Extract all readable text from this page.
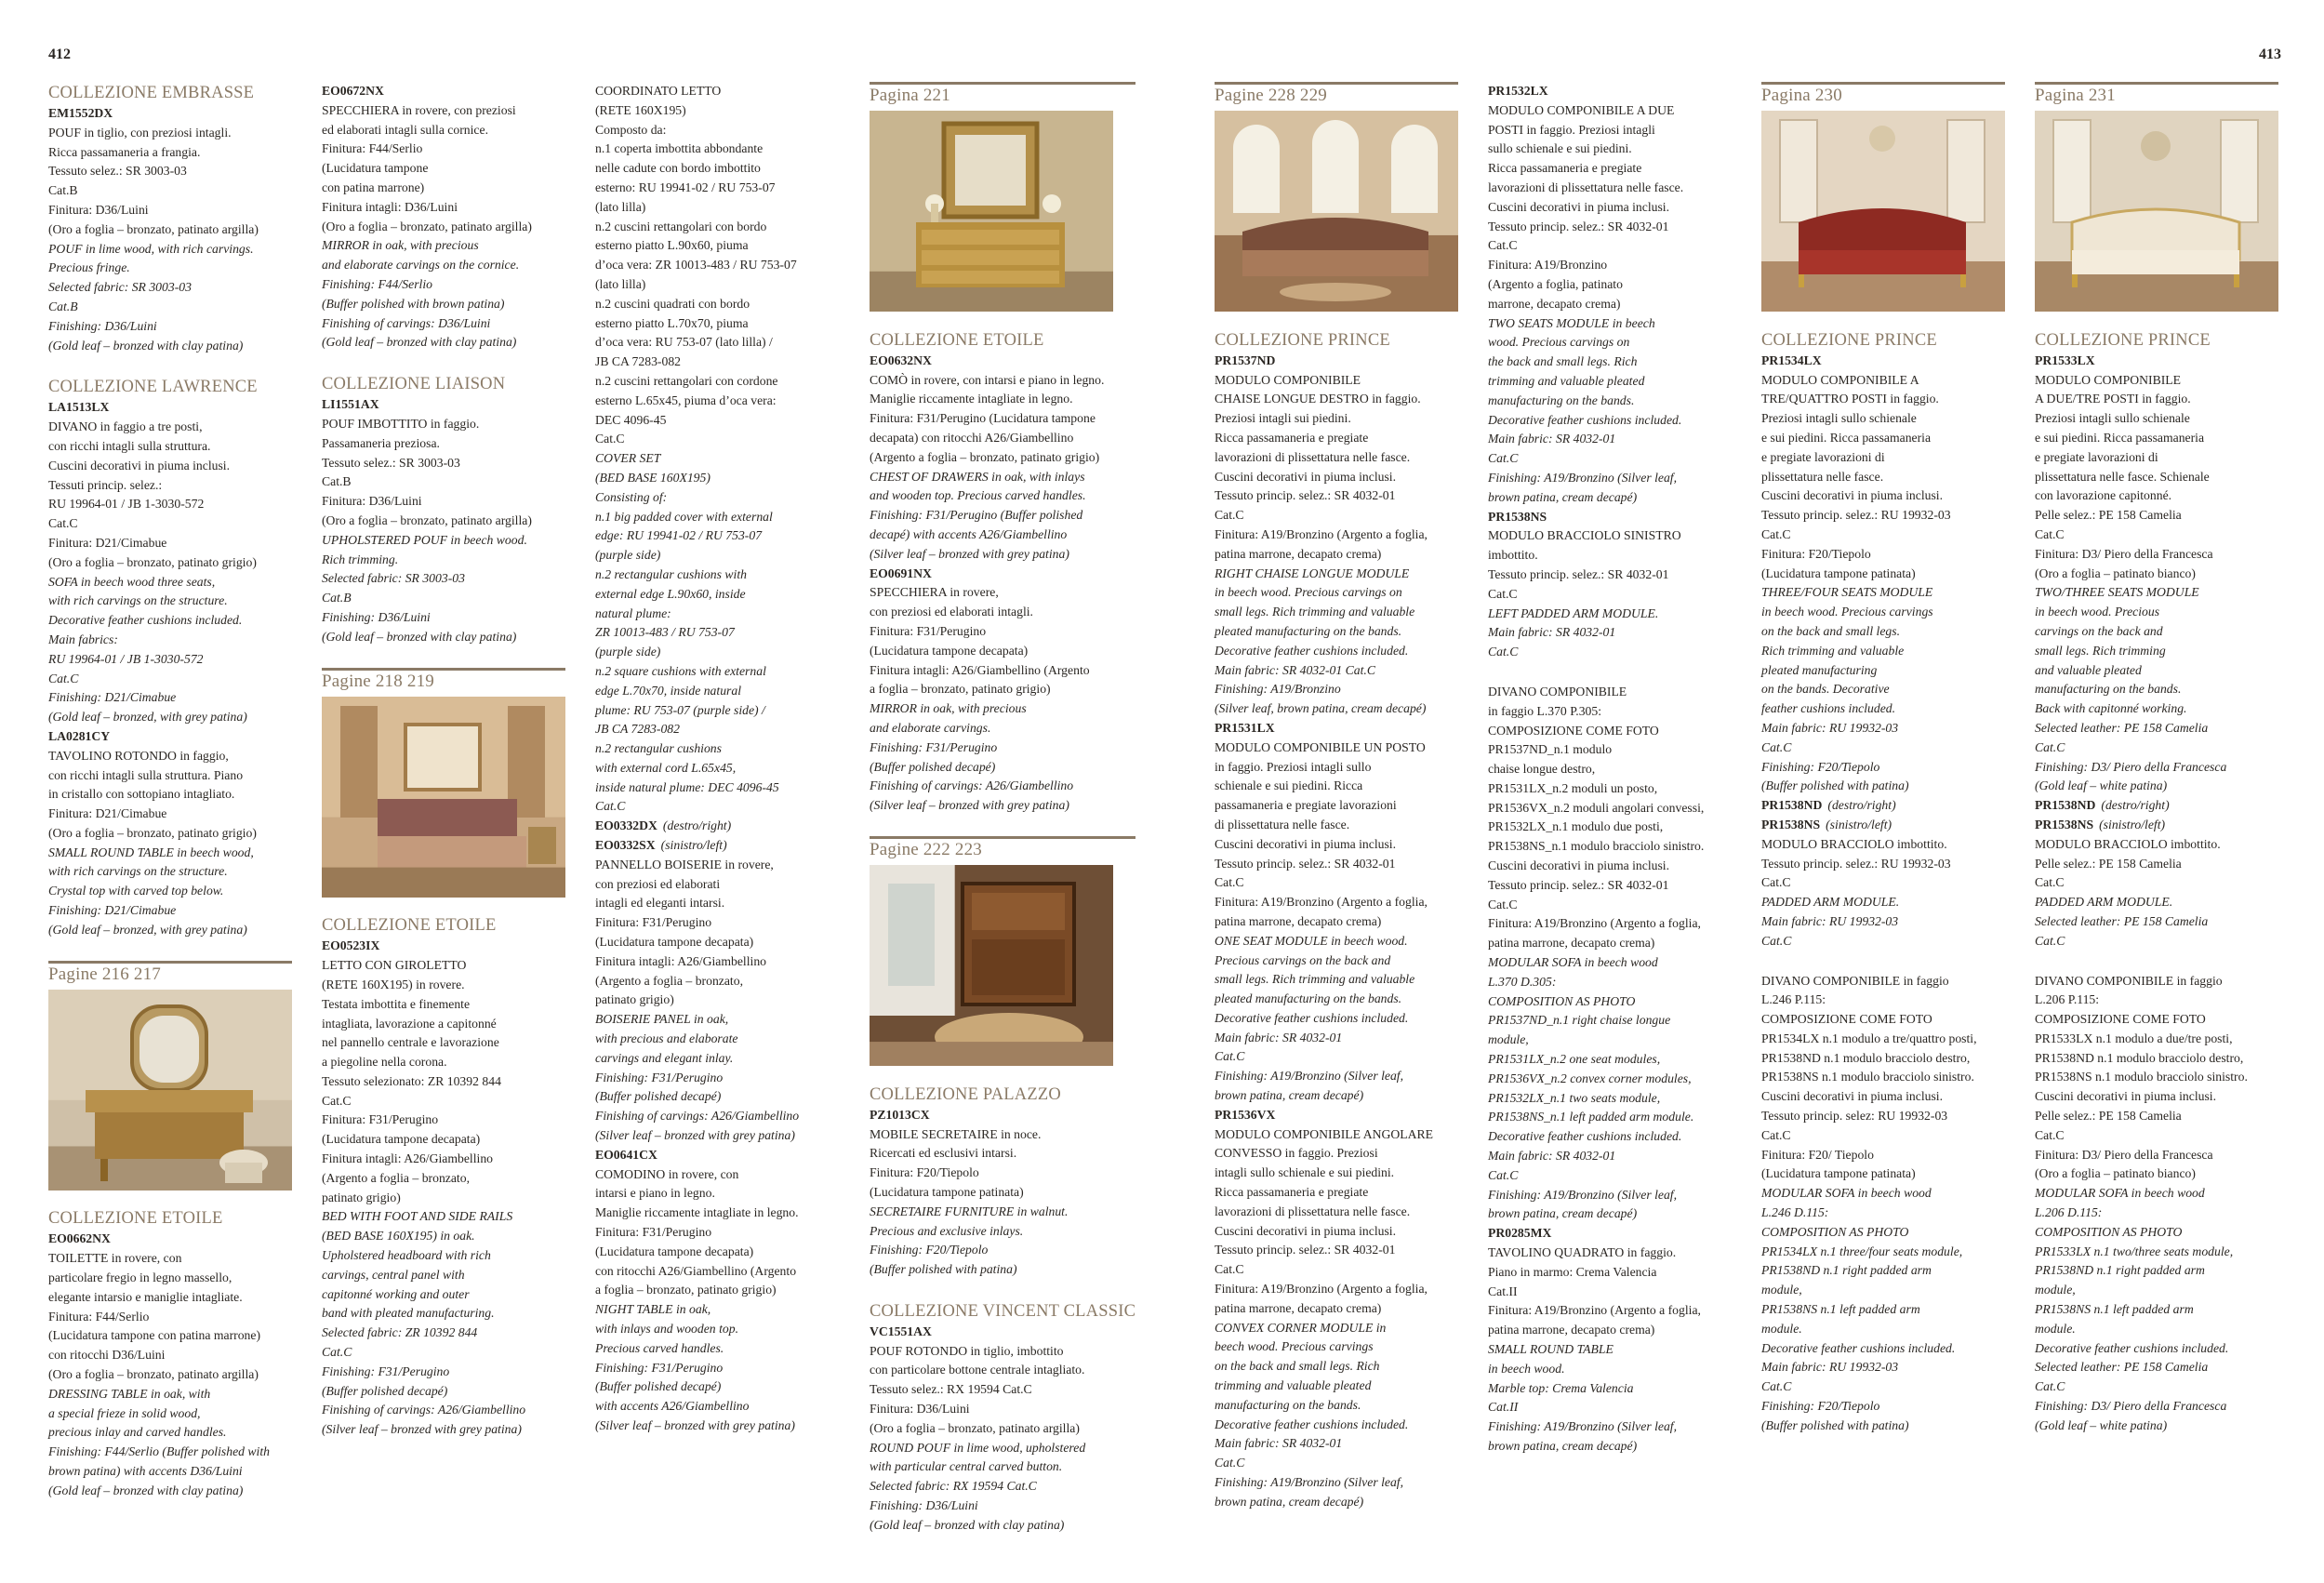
412	413

COLLEZIONE EMBRASSE

EM1552DX

POUF in tiglio, con preziosi intagli.

Ricca passamaneria a frangia.

Tessuto selez.: SR 3003-03

Cat.B

Finitura: D36/Luini

(Oro a foglia – bronzato, patinato argilla)

POUF in lime wood, with rich carvings.

Precious fringe.

Selected fabric: SR 3003-03

Cat.B

Finishing: D36/Luini

(Gold leaf – bronzed with clay patina)

COLLEZIONE LAWRENCE

LA1513LX

DIVANO in faggio a tre posti,

con ricchi intagli sulla struttura.

Cuscini decorativi in piuma inclusi.

Tessuti princip. selez.:

RU 19964-01 / JB 1-3030-572

Cat.C

Finitura: D21/Cimabue

(Oro a foglia – bronzato, patinato grigio)

SOFA in beech wood three seats,

with rich carvings on the structure.

Decorative feather cushions included.

Main fabrics:

RU 19964-01 / JB 1-3030-572

Cat.C

Finishing: D21/Cimabue

(Gold leaf – bronzed, with grey patina)

LA0281CY

TAVOLINO ROTONDO in faggio,

con ricchi intagli sulla struttura. Piano

in cristallo con sottopiano intagliato.

Finitura: D21/Cimabue

(Oro a foglia – bronzato, patinato grigio)

SMALL ROUND TABLE in beech wood,

with rich carvings on the structure.

Crystal top with carved top below.

Finishing: D21/Cimabue

(Gold leaf – bronzed, with grey patina)

Pagine 216 217

COLLEZIONE ETOILE

EO0662NX

TOILETTE in rovere, con

particolare fregio in legno massello,

elegante intarsio e maniglie intagliate.

Finitura: F44/Serlio

(Lucidatura tampone con patina marrone)

con ritocchi D36/Luini

(Oro a foglia – bronzato, patinato argilla)

DRESSING TABLE in oak, with

a special frieze in solid wood,

precious inlay and carved handles.

Finishing: F44/Serlio (Buffer polished with

brown patina) with accents D36/Luini

(Gold leaf – bronzed with clay patina)

EO0672NX

SPECCHIERA in rovere, con preziosi

ed elaborati intagli sulla cornice.

Finitura: F44/Serlio

(Lucidatura tampone

con patina marrone)

Finitura intagli: D36/Luini

(Oro a foglia – bronzato, patinato argilla)

MIRROR in oak, with precious

and elaborate carvings on the cornice.

Finishing: F44/Serlio

(Buffer polished with brown patina)

Finishing of carvings: D36/Luini

(Gold leaf – bronzed with clay patina)

COLLEZIONE LIAISON

LI1551AX

POUF IMBOTTITO in faggio.

Passamaneria preziosa.

Tessuto selez.: SR 3003-03

Cat.B

Finitura: D36/Luini

(Oro a foglia – bronzato, patinato argilla)

UPHOLSTERED POUF in beech wood.

Rich trimming.

Selected fabric: SR 3003-03

Cat.B

Finishing: D36/Luini

(Gold leaf – bronzed with clay patina)

Pagine 218 219

COLLEZIONE ETOILE

EO0523IX

LETTO CON GIROLETTO

(RETE 160X195) in rovere.

Testata imbottita e finemente

intagliata, lavorazione a capitonné

nel pannello centrale e lavorazione

a piegoline nella corona.

Tessuto selezionato: ZR 10392 844

Cat.C

Finitura: F31/Perugino

(Lucidatura tampone decapata)

Finitura intagli: A26/Giambellino

(Argento a foglia – bronzato,

patinato grigio)

BED WITH FOOT AND SIDE RAILS

(BED BASE 160X195) in oak.

Upholstered headboard with rich

carvings, central panel with

capitonné working and outer

band with pleated manufacturing.

Selected fabric: ZR 10392 844

Cat.C

Finishing: F31/Perugino

(Buffer polished decapé)

Finishing of carvings: A26/Giambellino

(Silver leaf – bronzed with grey patina)

COORDINATO LETTO

(RETE 160X195)

Composto da:

n.1 coperta imbottita abbondante

nelle cadute con bordo imbottito

esterno: RU 19941-02 / RU 753-07

(lato lilla)

n.2 cuscini rettangolari con bordo

esterno piatto L.90x60, piuma

d’oca vera: ZR 10013-483 / RU 753-07

(lato lilla)

n.2 cuscini quadrati con bordo

esterno piatto L.70x70, piuma

d’oca vera: RU 753-07 (lato lilla) /

JB CA 7283-082

n.2 cuscini rettangolari con cordone

esterno L.65x45, piuma d’oca vera:

DEC 4096-45

Cat.C

COVER SET

(BED BASE 160X195)

Consisting of:

n.1 big padded cover with external

edge: RU 19941-02 / RU 753-07

(purple side)

n.2 rectangular cushions with

external edge L.90x60, inside

natural plume:

ZR 10013-483 / RU 753-07

(purple side)

n.2 square cushions with external

edge L.70x70, inside natural

plume: RU 753-07 (purple side) /

JB CA 7283-082

n.2 rectangular cushions

with external cord L.65x45,

inside natural plume: DEC 4096-45

Cat.C

EO0332DX (destro/right)

EO0332SX (sinistro/left)

PANNELLO BOISERIE in rovere,

con preziosi ed elaborati

intagli ed eleganti intarsi.

Finitura: F31/Perugino

(Lucidatura tampone decapata)

Finitura intagli: A26/Giambellino

(Argento a foglia – bronzato,

patinato grigio)

BOISERIE PANEL in oak,

with precious and elaborate

carvings and elegant inlay.

Finishing: F31/Perugino

(Buffer polished decapé)

Finishing of carvings: A26/Giambellino

(Silver leaf – bronzed with grey patina)

EO0641CX

COMODINO in rovere, con

intarsi e piano in legno.

Maniglie riccamente intagliate in legno.

Finitura: F31/Perugino

(Lucidatura tampone decapata)

con ritocchi A26/Giambellino (Argento

a foglia – bronzato, patinato grigio)

NIGHT TABLE in oak,

with inlays and wooden top.

Precious carved handles.

Finishing: F31/Perugino

(Buffer polished decapé)

with accents A26/Giambellino

(Silver leaf – bronzed with grey patina)

Pagina 221

COLLEZIONE ETOILE

EO0632NX

COMÒ in rovere, con intarsi e piano in legno.

Maniglie riccamente intagliate in legno.

Finitura: F31/Perugino (Lucidatura tampone

decapata) con ritocchi A26/Giambellino

(Argento a foglia – bronzato, patinato grigio)

CHEST OF DRAWERS in oak, with inlays

and wooden top. Precious carved handles.

Finishing: F31/Perugino (Buffer polished

decapé) with accents A26/Giambellino

(Silver leaf – bronzed with grey patina)

EO0691NX

SPECCHIERA in rovere,

con preziosi ed elaborati intagli.

Finitura: F31/Perugino

(Lucidatura tampone decapata)

Finitura intagli: A26/Giambellino (Argento

a foglia – bronzato, patinato grigio)

MIRROR in oak, with precious

and elaborate carvings.

Finishing: F31/Perugino

(Buffer polished decapé)

Finishing of carvings: A26/Giambellino

(Silver leaf – bronzed with grey patina)

Pagine 222 223

COLLEZIONE PALAZZO

PZ1013CX

MOBILE SECRETAIRE in noce.

Ricercati ed esclusivi intarsi.

Finitura: F20/Tiepolo

(Lucidatura tampone patinata)

SECRETAIRE FURNITURE in walnut.

Precious and exclusive inlays.

Finishing: F20/Tiepolo

(Buffer polished with patina)

COLLEZIONE VINCENT CLASSIC

VC1551AX

POUF ROTONDO in tiglio, imbottito

con particolare bottone centrale intagliato.

Tessuto selez.: RX 19594 Cat.C

Finitura: D36/Luini

(Oro a foglia – bronzato, patinato argilla)

ROUND POUF in lime wood, upholstered

with particular central carved button.

Selected fabric: RX 19594 Cat.C

Finishing: D36/Luini

(Gold leaf – bronzed with clay patina)

Pagine 228 229

COLLEZIONE PRINCE

PR1537ND

MODULO COMPONIBILE

CHAISE LONGUE DESTRO in faggio.

Preziosi intagli sui piedini.

Ricca passamaneria e pregiate

lavorazioni di plissettatura nelle fasce.

Cuscini decorativi in piuma inclusi.

Tessuto princip. selez.: SR 4032-01

Cat.C

Finitura: A19/Bronzino (Argento a foglia,

patina marrone, decapato crema)

RIGHT CHAISE LONGUE MODULE

in beech wood. Precious carvings on

small legs. Rich trimming and valuable

pleated manufacturing on the bands.

Decorative feather cushions included.

Main fabric: SR 4032-01 Cat.C

Finishing: A19/Bronzino

(Silver leaf, brown patina, cream decapé)

PR1531LX

MODULO COMPONIBILE UN POSTO

in faggio. Preziosi intagli sullo

schienale e sui piedini. Ricca

passamaneria e pregiate lavorazioni

di plissettatura nelle fasce.

Cuscini decorativi in piuma inclusi.

Tessuto princip. selez.: SR 4032-01

Cat.C

Finitura: A19/Bronzino (Argento a foglia,

patina marrone, decapato crema)

ONE SEAT MODULE in beech wood.

Precious carvings on the back and

small legs. Rich trimming and valuable

pleated manufacturing on the bands.

Decorative feather cushions included.

Main fabric: SR 4032-01

Cat.C

Finishing: A19/Bronzino (Silver leaf,

brown patina, cream decapé)

PR1536VX

MODULO COMPONIBILE ANGOLARE

CONVESSO in faggio. Preziosi

intagli sullo schienale e sui piedini.

Ricca passamaneria e pregiate

lavorazioni di plissettatura nelle fasce.

Cuscini decorativi in piuma inclusi.

Tessuto princip. selez.: SR 4032-01

Cat.C

Finitura: A19/Bronzino (Argento a foglia,

patina marrone, decapato crema)

CONVEX CORNER MODULE in

beech wood. Precious carvings

on the back and small legs. Rich

trimming and valuable pleated

manufacturing on the bands.

Decorative feather cushions included.

Main fabric: SR 4032-01

Cat.C

Finishing: A19/Bronzino (Silver leaf,

brown patina, cream decapé)

PR1532LX

MODULO COMPONIBILE A DUE

POSTI in faggio. Preziosi intagli

sullo schienale e sui piedini.

Ricca passamaneria e pregiate

lavorazioni di plissettatura nelle fasce.

Cuscini decorativi in piuma inclusi.

Tessuto princip. selez.: SR 4032-01

Cat.C

Finitura: A19/Bronzino

(Argento a foglia, patinato

marrone, decapato crema)

TWO SEATS MODULE in beech

wood. Precious carvings on

the back and small legs. Rich

trimming and valuable pleated

manufacturing on the bands.

Decorative feather cushions included.

Main fabric: SR 4032-01

Cat.C

Finishing: A19/Bronzino (Silver leaf,

brown patina, cream decapé)

PR1538NS

MODULO BRACCIOLO SINISTRO

imbottito.

Tessuto princip. selez.: SR 4032-01

Cat.C

LEFT PADDED ARM MODULE.

Main fabric: SR 4032-01

Cat.C

DIVANO COMPONIBILE

in faggio L.370 P.305:

COMPOSIZIONE COME FOTO

PR1537ND_n.1 modulo

chaise longue destro,

PR1531LX_n.2 moduli un posto,

PR1536VX_n.2 moduli angolari convessi,

PR1532LX_n.1 modulo due posti,

PR1538NS_n.1 modulo bracciolo sinistro.

Cuscini decorativi in piuma inclusi.

Tessuto princip. selez.: SR 4032-01

Cat.C

Finitura: A19/Bronzino (Argento a foglia,

patina marrone, decapato crema)

MODULAR SOFA in beech wood

L.370 D.305:

COMPOSITION AS PHOTO

PR1537ND_n.1 right chaise longue

module,

PR1531LX_n.2 one seat modules,

PR1536VX_n.2 convex corner modules,

PR1532LX_n.1 two seats module,

PR1538NS_n.1 left padded arm module.

Decorative feather cushions included.

Main fabric: SR 4032-01

Cat.C

Finishing: A19/Bronzino (Silver leaf,

brown patina, cream decapé)

PR0285MX

TAVOLINO QUADRATO in faggio.

Piano in marmo: Crema Valencia

Cat.II

Finitura: A19/Bronzino (Argento a foglia,

patina marrone, decapato crema)

SMALL ROUND TABLE

in beech wood.

Marble top: Crema Valencia

Cat.II

Finishing: A19/Bronzino (Silver leaf,

brown patina, cream decapé)

Pagina 230

COLLEZIONE PRINCE

PR1534LX

MODULO COMPONIBILE A

TRE/QUATTRO POSTI in faggio.

Preziosi intagli sullo schienale

e sui piedini. Ricca passamaneria

e pregiate lavorazioni di

plissettatura nelle fasce.

Cuscini decorativi in piuma inclusi.

Tessuto princip. selez.: RU 19932-03

Cat.C

Finitura: F20/Tiepolo

(Lucidatura tampone patinata)

THREE/FOUR SEATS MODULE

in beech wood. Precious carvings

on the back and small legs.

Rich trimming and valuable

pleated manufacturing

on the bands. Decorative

feather cushions included.

Main fabric: RU 19932-03

Cat.C

Finishing: F20/Tiepolo

(Buffer polished with patina)

PR1538ND (destro/right)

PR1538NS (sinistro/left)

MODULO BRACCIOLO imbottito.

Tessuto princip. selez.: RU 19932-03

Cat.C

PADDED ARM MODULE.

Main fabric: RU 19932-03

Cat.C

DIVANO COMPONIBILE in faggio

L.246 P.115:

COMPOSIZIONE COME FOTO

PR1534LX n.1 modulo a tre/quattro posti,

PR1538ND n.1 modulo bracciolo destro,

PR1538NS n.1 modulo bracciolo sinistro.

Cuscini decorativi in piuma inclusi.

Tessuto princip. selez: RU 19932-03

Cat.C

Finitura: F20/ Tiepolo

(Lucidatura tampone patinata)

MODULAR SOFA in beech wood

L.246 D.115:

COMPOSITION AS PHOTO

PR1534LX n.1 three/four seats module,

PR1538ND n.1 right padded arm

module,

PR1538NS n.1 left padded arm

module.

Decorative feather cushions included.

Main fabric: RU 19932-03

Cat.C

Finishing: F20/Tiepolo

(Buffer polished with patina)

Pagina 231

COLLEZIONE PRINCE

PR1533LX

MODULO COMPONIBILE

A DUE/TRE POSTI in faggio.

Preziosi intagli sullo schienale

e sui piedini. Ricca passamaneria

e pregiate lavorazioni di

plissettatura nelle fasce. Schienale

con lavorazione capitonné.

Pelle selez.: PE 158 Camelia

Cat.C

Finitura: D3/ Piero della Francesca

(Oro a foglia – patinato bianco)

TWO/THREE SEATS MODULE

in beech wood. Precious

carvings on the back and

small legs. Rich trimming

and valuable pleated

manufacturing on the bands.

Back with capitonné working.

Selected leather: PE 158 Camelia

Cat.C

Finishing: D3/ Piero della Francesca

(Gold leaf – white patina)

PR1538ND (destro/right)

PR1538NS (sinistro/left)

MODULO BRACCIOLO imbottito.

Pelle selez.: PE 158 Camelia

Cat.C

PADDED ARM MODULE.

Selected leather: PE 158 Camelia

Cat.C

DIVANO COMPONIBILE in faggio

L.206 P.115:

COMPOSIZIONE COME FOTO

PR1533LX n.1 modulo a due/tre posti,

PR1538ND n.1 modulo bracciolo destro,

PR1538NS n.1 modulo bracciolo sinistro.

Cuscini decorativi in piuma inclusi.

Pelle selez.: PE 158 Camelia

Cat.C

Finitura: D3/ Piero della Francesca

(Oro a foglia – patinato bianco)

MODULAR SOFA in beech wood

L.206 D.115:

COMPOSITION AS PHOTO

PR1533LX n.1 two/three seats module,

PR1538ND n.1 right padded arm

module,

PR1538NS n.1 left padded arm

module.

Decorative feather cushions included.

Selected leather: PE 158 Camelia

Cat.C

Finishing: D3/ Piero della Francesca

(Gold leaf – white patina)
